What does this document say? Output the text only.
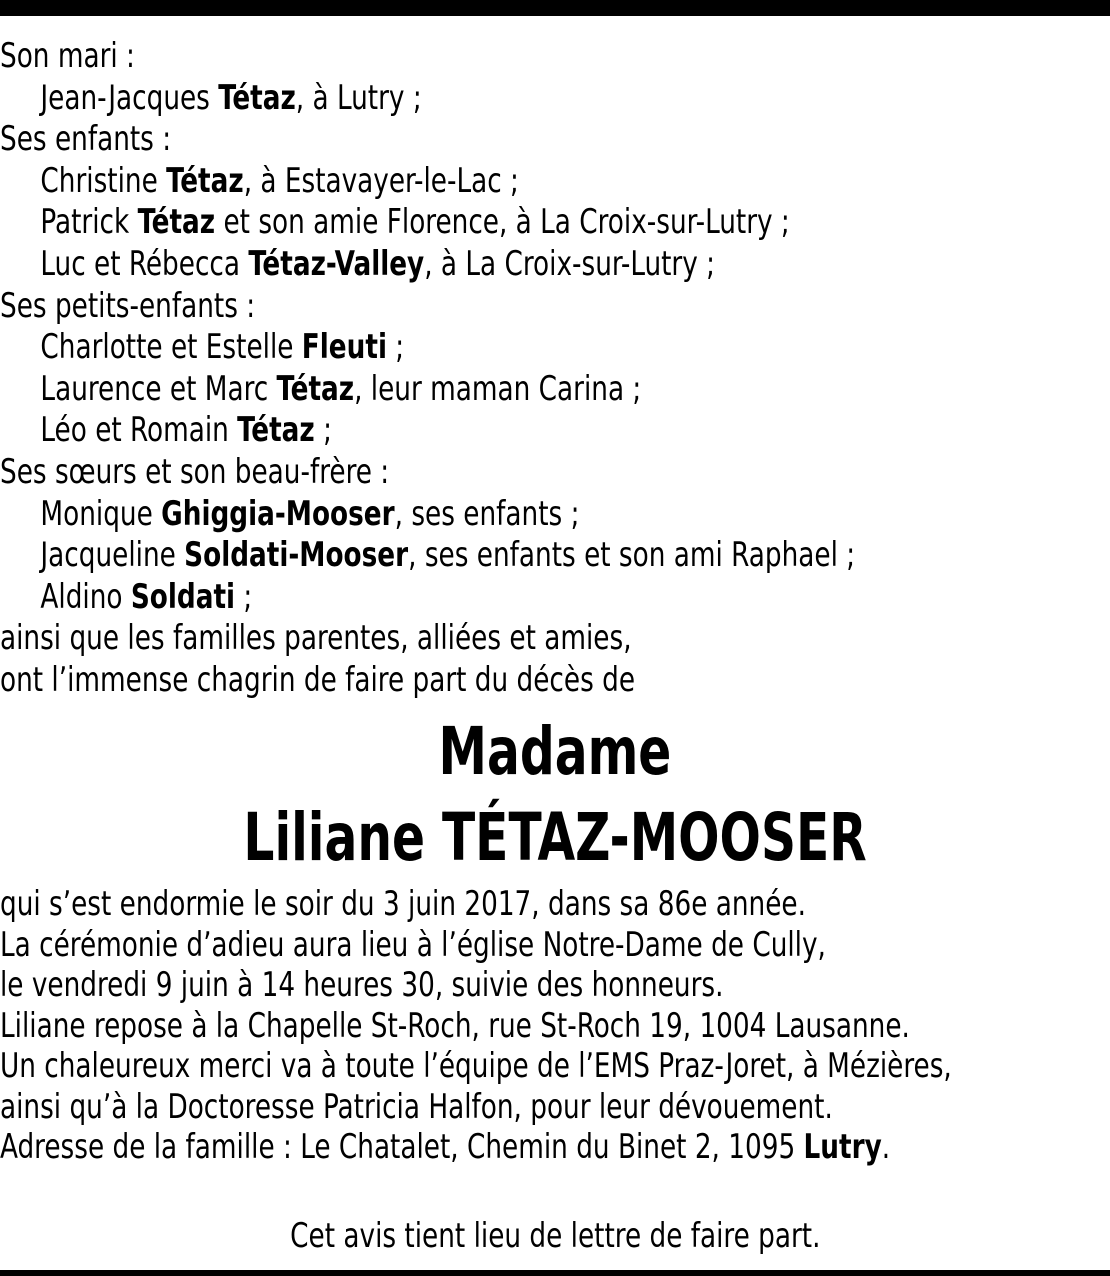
Son mari :
Jean-Jacques Tétaz, à Lutry ;
Ses enfants :
Christine Tétaz, à Estavayer-le-Lac ;
Patrick Tétaz et son amie Florence, à La Croix-sur-Lutry ;
Luc et Rébecca Tétaz-Valley, à La Croix-sur-Lutry ;
Ses petits-enfants :
Charlotte et Estelle Fleuti ;
Laurence et Marc Tétaz, leur maman Carina ;
Léo et Romain Tétaz ;
Ses sœurs et son beau-frère :
Monique Ghiggia-Mooser, ses enfants ;
Jacqueline Soldati-Mooser, ses enfants et son ami Raphael ;
Aldino Soldati ;
ainsi que les familles parentes, alliées et amies,
ont l’immense chagrin de faire part du décès de
Madame
Liliane TÉTAZ-MOOSER
qui s’est endormie le soir du 3 juin 2017, dans sa 86e année.
La cérémonie d’adieu aura lieu à l’église Notre-Dame de Cully,
le vendredi 9 juin à 14 heures 30, suivie des honneurs.
Liliane repose à la Chapelle St-Roch, rue St-Roch 19, 1004 Lausanne.
Un chaleureux merci va à toute l’équipe de l’EMS Praz-Joret, à Mézières,
ainsi qu’à la Doctoresse Patricia Halfon, pour leur dévouement.
Adresse de la famille : Le Chatalet, Chemin du Binet 2, 1095 Lutry.
Cet avis tient lieu de lettre de faire part.
